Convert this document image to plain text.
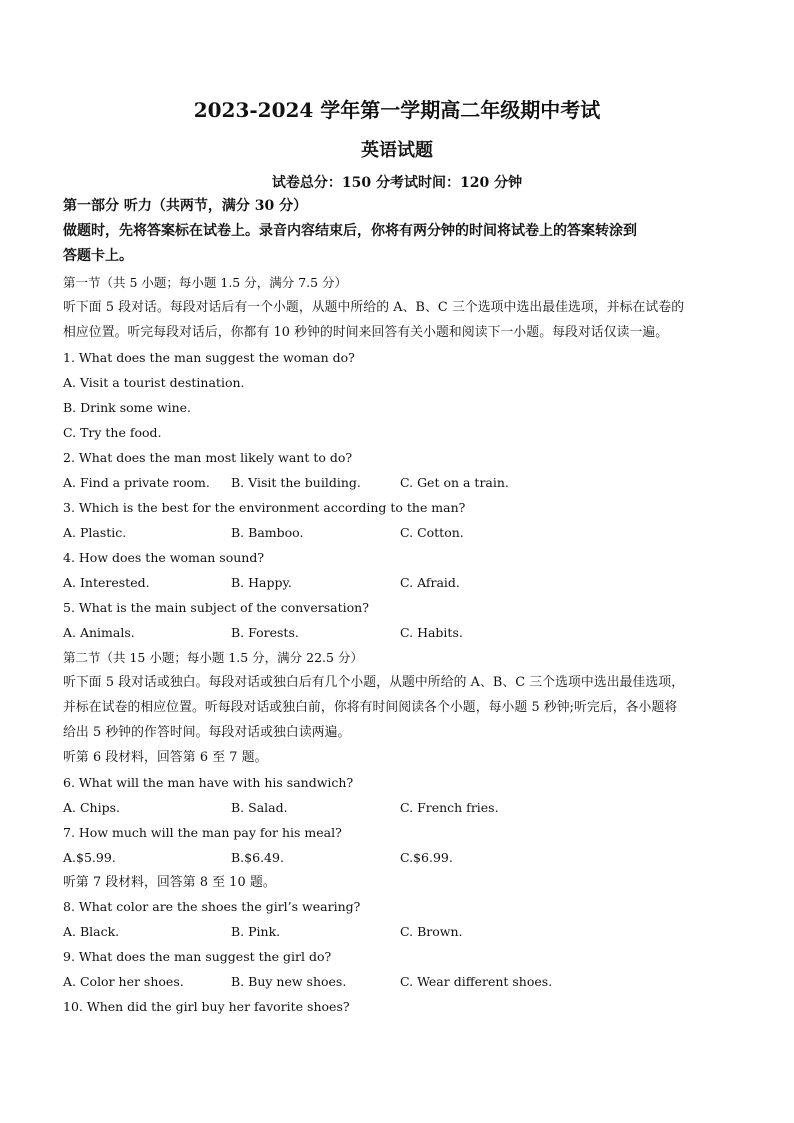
2023-2024 学年第一学期高二年级期中考试
英语试题
试卷总分：150 分考试时间：120 分钟
第一部分 听力（共两节，满分 30 分）
做题时，先将答案标在试卷上。录音内容结束后，你将有两分钟的时间将试卷上的答案转涂到
答题卡上。
第一节（共 5 小题；每小题 1.5 分，满分 7.5 分）
听下面 5 段对话。每段对话后有一个小题，从题中所给的 A、B、C 三个选项中选出最佳选项，并标在试卷的
相应位置。听完每段对话后，你都有 10 秒钟的时间来回答有关小题和阅读下一小题。每段对话仅读一遍。
1. What does the man suggest the woman do?
A. Visit a tourist destination.
B. Drink some wine.
C. Try the food.
2. What does the man most likely want to do?
A. Find a private room. B. Visit the building.	C. Get on a train.
3. Which is the best for the environment according to the man?
A. Plastic.	B. Bamboo.	C. Cotton.
4. How does the woman sound?
A. Interested.	B. Happy.	C. Afraid.
5. What is the main subject of the conversation?
A. Animals.	B. Forests.	C. Habits.
第二节（共 15 小题；每小题 1.5 分，满分 22.5 分）
听下面 5 段对话或独白。每段对话或独白后有几个小题，从题中所给的 A、B、C 三个选项中选出最佳选项，
并标在试卷的相应位置。听每段对话或独白前，你将有时间阅读各个小题，每小题 5 秒钟;听完后，各小题将
给出 5 秒钟的作答时间。每段对话或独白读两遍。
听第 6 段材料，回答第 6 至 7 题。
6. What will the man have with his sandwich?
A. Chips.	B. Salad.	C. French fries.
7. How much will the man pay for his meal?
A.$5.99.	B.$6.49.	C.$6.99.
听第 7 段材料，回答第 8 至 10 题。
8. What color are the shoes the girl’s wearing?
A. Black.	B. Pink.	C. Brown.
9. What does the man suggest the girl do?
A. Color her shoes.	B. Buy new shoes.	C. Wear different shoes.
10. When did the girl buy her favorite shoes?
